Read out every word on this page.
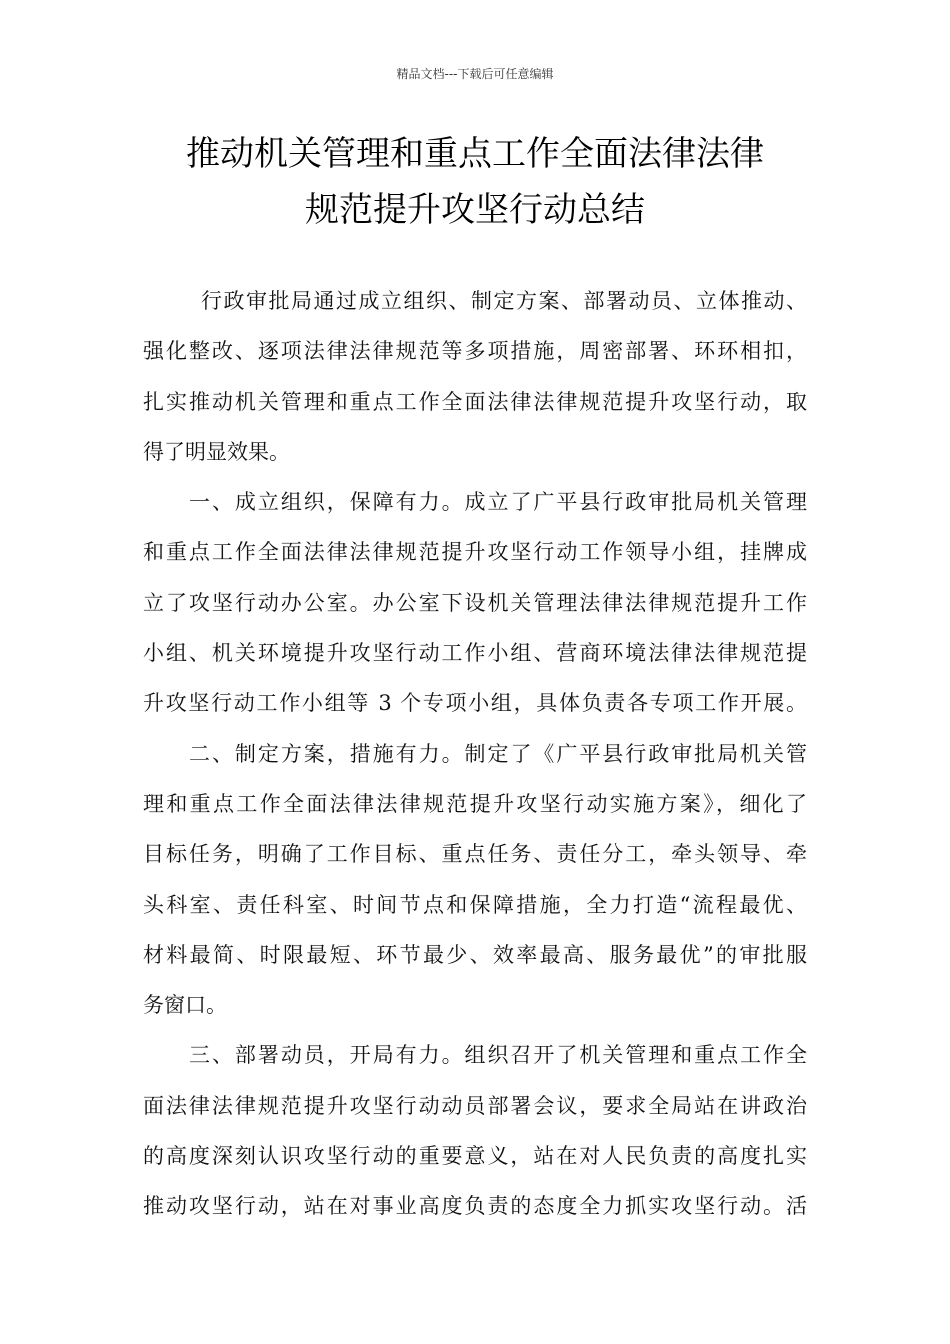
精品文档---下载后可任意编辑
推动机关管理和重点工作全面法律法律
规范提升攻坚行动总结
行政审批局通过成立组织、制定方案、部署动员、立体推动、
强化整改、逐项法律法律规范等多项措施，周密部署、环环相扣，
扎实推动机关管理和重点工作全面法律法律规范提升攻坚行动，取
得了明显效果。
一、成立组织，保障有力。成立了广平县行政审批局机关管理
和重点工作全面法律法律规范提升攻坚行动工作领导小组，挂牌成
立了攻坚行动办公室。办公室下设机关管理法律法律规范提升工作
小组、机关环境提升攻坚行动工作小组、营商环境法律法律规范提
升攻坚行动工作小组等 3 个专项小组，具体负责各专项工作开展。
二、制定方案，措施有力。制定了《广平县行政审批局机关管
理和重点工作全面法律法律规范提升攻坚行动实施方案》，细化了
目标任务，明确了工作目标、重点任务、责任分工，牵头领导、牵
头科室、责任科室、时间节点和保障措施，全力打造“流程最优、
材料最简、时限最短、环节最少、效率最高、服务最优”的审批服
务窗口。
三、部署动员，开局有力。组织召开了机关管理和重点工作全
面法律法律规范提升攻坚行动动员部署会议，要求全局站在讲政治
的高度深刻认识攻坚行动的重要意义，站在对人民负责的高度扎实
推动攻坚行动，站在对事业高度负责的态度全力抓实攻坚行动。活
